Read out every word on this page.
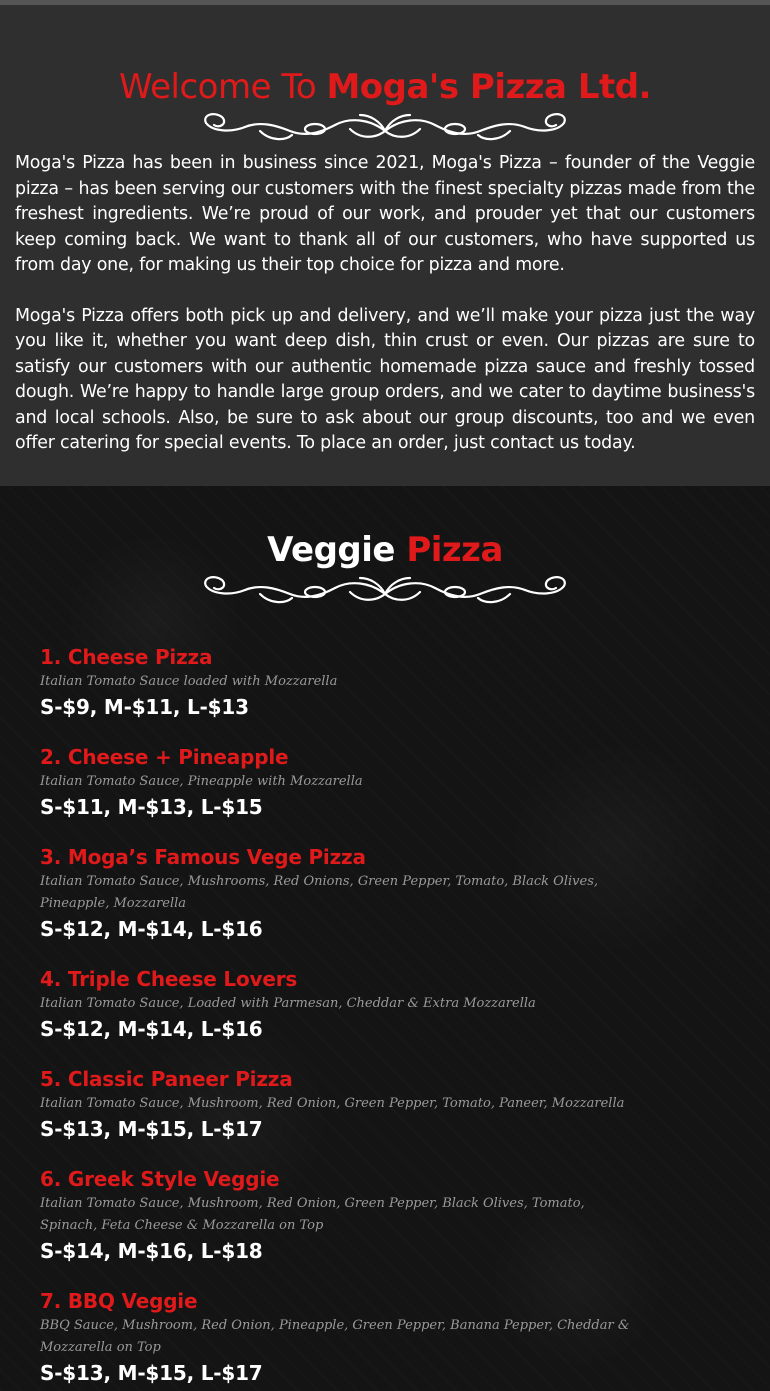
Welcome To Moga's Pizza Ltd.

Moga's Pizza has been in business since 2021, Moga's Pizza – founder of the Veggie pizza – has been serving our customers with the finest specialty pizzas made from the freshest ingredients. We’re proud of our work, and prouder yet that our customers keep coming back. We want to thank all of our customers, who have supported us from day one, for making us their top choice for pizza and more.

Moga's Pizza offers both pick up and delivery, and we’ll make your pizza just the way you like it, whether you want deep dish, thin crust or even. Our pizzas are sure to satisfy our customers with our authentic homemade pizza sauce and freshly tossed dough. We’re happy to handle large group orders, and we cater to daytime business's and local schools. Also, be sure to ask about our group discounts, too and we even offer catering for special events. To place an order, just contact us today.

Veggie Pizza
1. Cheese Pizza
Italian Tomato Sauce loaded with Mozzarella
S-$9, M-$11, L-$13
2. Cheese + Pineapple
Italian Tomato Sauce, Pineapple with Mozzarella
S-$11, M-$13, L-$15
3. Moga’s Famous Vege Pizza
Italian Tomato Sauce, Mushrooms, Red Onions, Green Pepper, Tomato, Black Olives, Pineapple, Mozzarella
S-$12, M-$14, L-$16
4. Triple Cheese Lovers
Italian Tomato Sauce, Loaded with Parmesan, Cheddar & Extra Mozzarella
S-$12, M-$14, L-$16
5. Classic Paneer Pizza
Italian Tomato Sauce, Mushroom, Red Onion, Green Pepper, Tomato, Paneer, Mozzarella
S-$13, M-$15, L-$17
6. Greek Style Veggie
Italian Tomato Sauce, Mushroom, Red Onion, Green Pepper, Black Olives, Tomato, Spinach, Feta Cheese & Mozzarella on Top
S-$14, M-$16, L-$18
7. BBQ Veggie
BBQ Sauce, Mushroom, Red Onion, Pineapple, Green Pepper, Banana Pepper, Cheddar & Mozzarella on Top
S-$13, M-$15, L-$17
